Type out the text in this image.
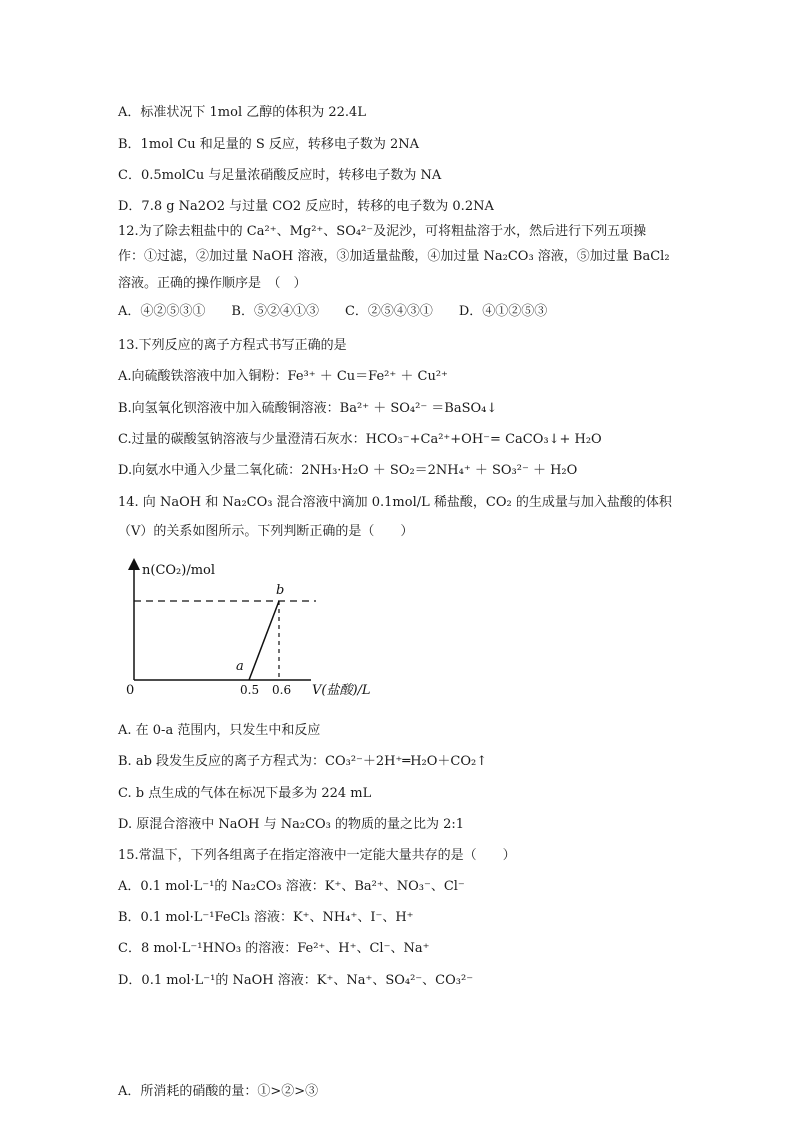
A．标准状况下 1mol 乙醇的体积为 22.4L
B．1mol Cu 和足量的 S 反应，转移电子数为 2NA
C．0.5molCu 与足量浓硝酸反应时，转移电子数为 NA
D．7.8 g Na2O2 与过量 CO2 反应时，转移的电子数为 0.2NA
12.为了除去粗盐中的 Ca²⁺、Mg²⁺、SO₄²⁻及泥沙，可将粗盐溶于水，然后进行下列五项操
作：①过滤，②加过量 NaOH 溶液，③加适量盐酸，④加过量 Na₂CO₃ 溶液，⑤加过量 BaCl₂
溶液。正确的操作顺序是　（　）
A．④②⑤③①　　B．⑤②④①③　　C．②⑤④③①　　D．④①②⑤③
13.下列反应的离子方程式书写正确的是
A.向硫酸铁溶液中加入铜粉：Fe³⁺ ＋ Cu＝Fe²⁺ ＋ Cu²⁺
B.向氢氧化钡溶液中加入硫酸铜溶液：Ba²⁺ ＋ SO₄²⁻ ＝BaSO₄↓
C.过量的碳酸氢钠溶液与少量澄清石灰水：HCO₃⁻+Ca²⁺+OH⁻= CaCO₃↓+ H₂O
D.向氨水中通入少量二氧化硫：2NH₃·H₂O ＋ SO₂＝2NH₄⁺ ＋ SO₃²⁻ ＋ H₂O
14. 向 NaOH 和 Na₂CO₃ 混合溶液中滴加 0.1mol/L 稀盐酸，CO₂ 的生成量与加入盐酸的体积
（V）的关系如图所示。下列判断正确的是（　　）
n(CO₂)/mol
0	0.5 0.6 V(盐酸)/L
a
b
A. 在 0-a 范围内，只发生中和反应
B. ab 段发生反应的离子方程式为：CO₃²⁻＋2H⁺═H₂O＋CO₂↑
C. b 点生成的气体在标况下最多为 224 mL
D. 原混合溶液中 NaOH 与 Na₂CO₃ 的物质的量之比为 2:1
15.常温下，下列各组离子在指定溶液中一定能大量共存的是（　　）
A．0.1 mol·L⁻¹的 Na₂CO₃ 溶液：K⁺、Ba²⁺、NO₃⁻、Cl⁻
B．0.1 mol·L⁻¹FeCl₃ 溶液：K⁺、NH₄⁺、I⁻、H⁺
C．8 mol·L⁻¹HNO₃ 的溶液：Fe²⁺、H⁺、Cl⁻、Na⁺
D．0.1 mol·L⁻¹的 NaOH 溶液：K⁺、Na⁺、SO₄²⁻、CO₃²⁻
A．所消耗的硝酸的量：①>②>③
